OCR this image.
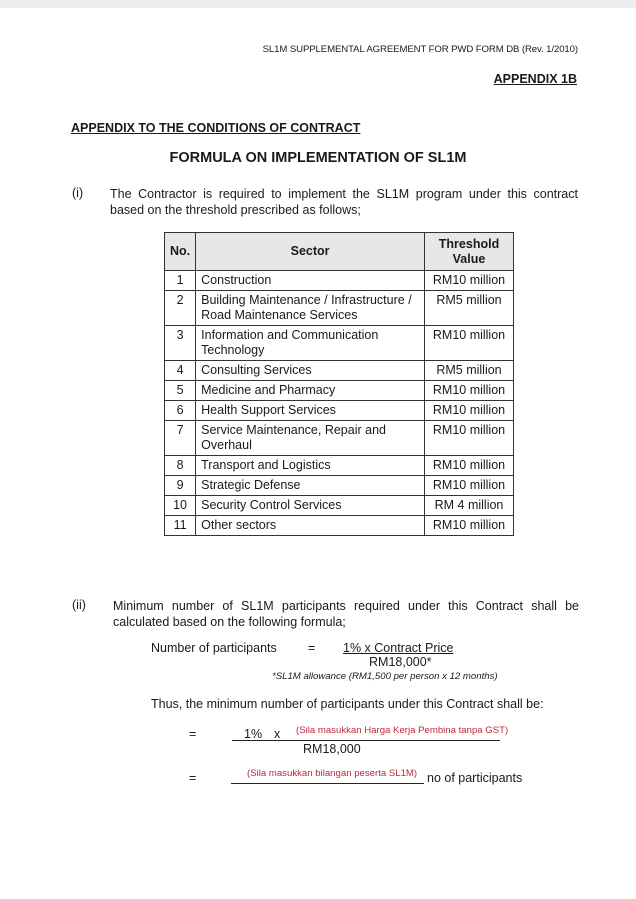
SL1M SUPPLEMENTAL AGREEMENT FOR PWD FORM DB (Rev. 1/2010)
APPENDIX 1B
APPENDIX TO THE CONDITIONS OF CONTRACT
FORMULA ON IMPLEMENTATION OF SL1M
(i) The Contractor is required to implement the SL1M program under this contract based on the threshold prescribed as follows;
No.	Sector	Threshold Value
1	Construction	RM10 million
2	Building Maintenance / Infrastructure / Road Maintenance Services	RM5 million
3	Information and Communication Technology	RM10 million
4	Consulting Services	RM5 million
5	Medicine and Pharmacy	RM10 million
6	Health Support Services	RM10 million
7	Service Maintenance, Repair and Overhaul	RM10 million
8	Transport and Logistics	RM10 million
9	Strategic Defense	RM10 million
10	Security Control Services	RM 4 million
11	Other sectors	RM10 million
(ii) Minimum number of SL1M participants required under this Contract shall be calculated based on the following formula;
Number of participants = 1% x Contract Price
RM18,000*
*SL1M allowance (RM1,500 per person x 12 months)
Thus, the minimum number of participants under this Contract shall be:
=	1% x (Sila masukkan Harga Kerja Pembina tanpa GST)
RM18,000
=	(Sila masukkan bilangan peserta SL1M) no of participants
